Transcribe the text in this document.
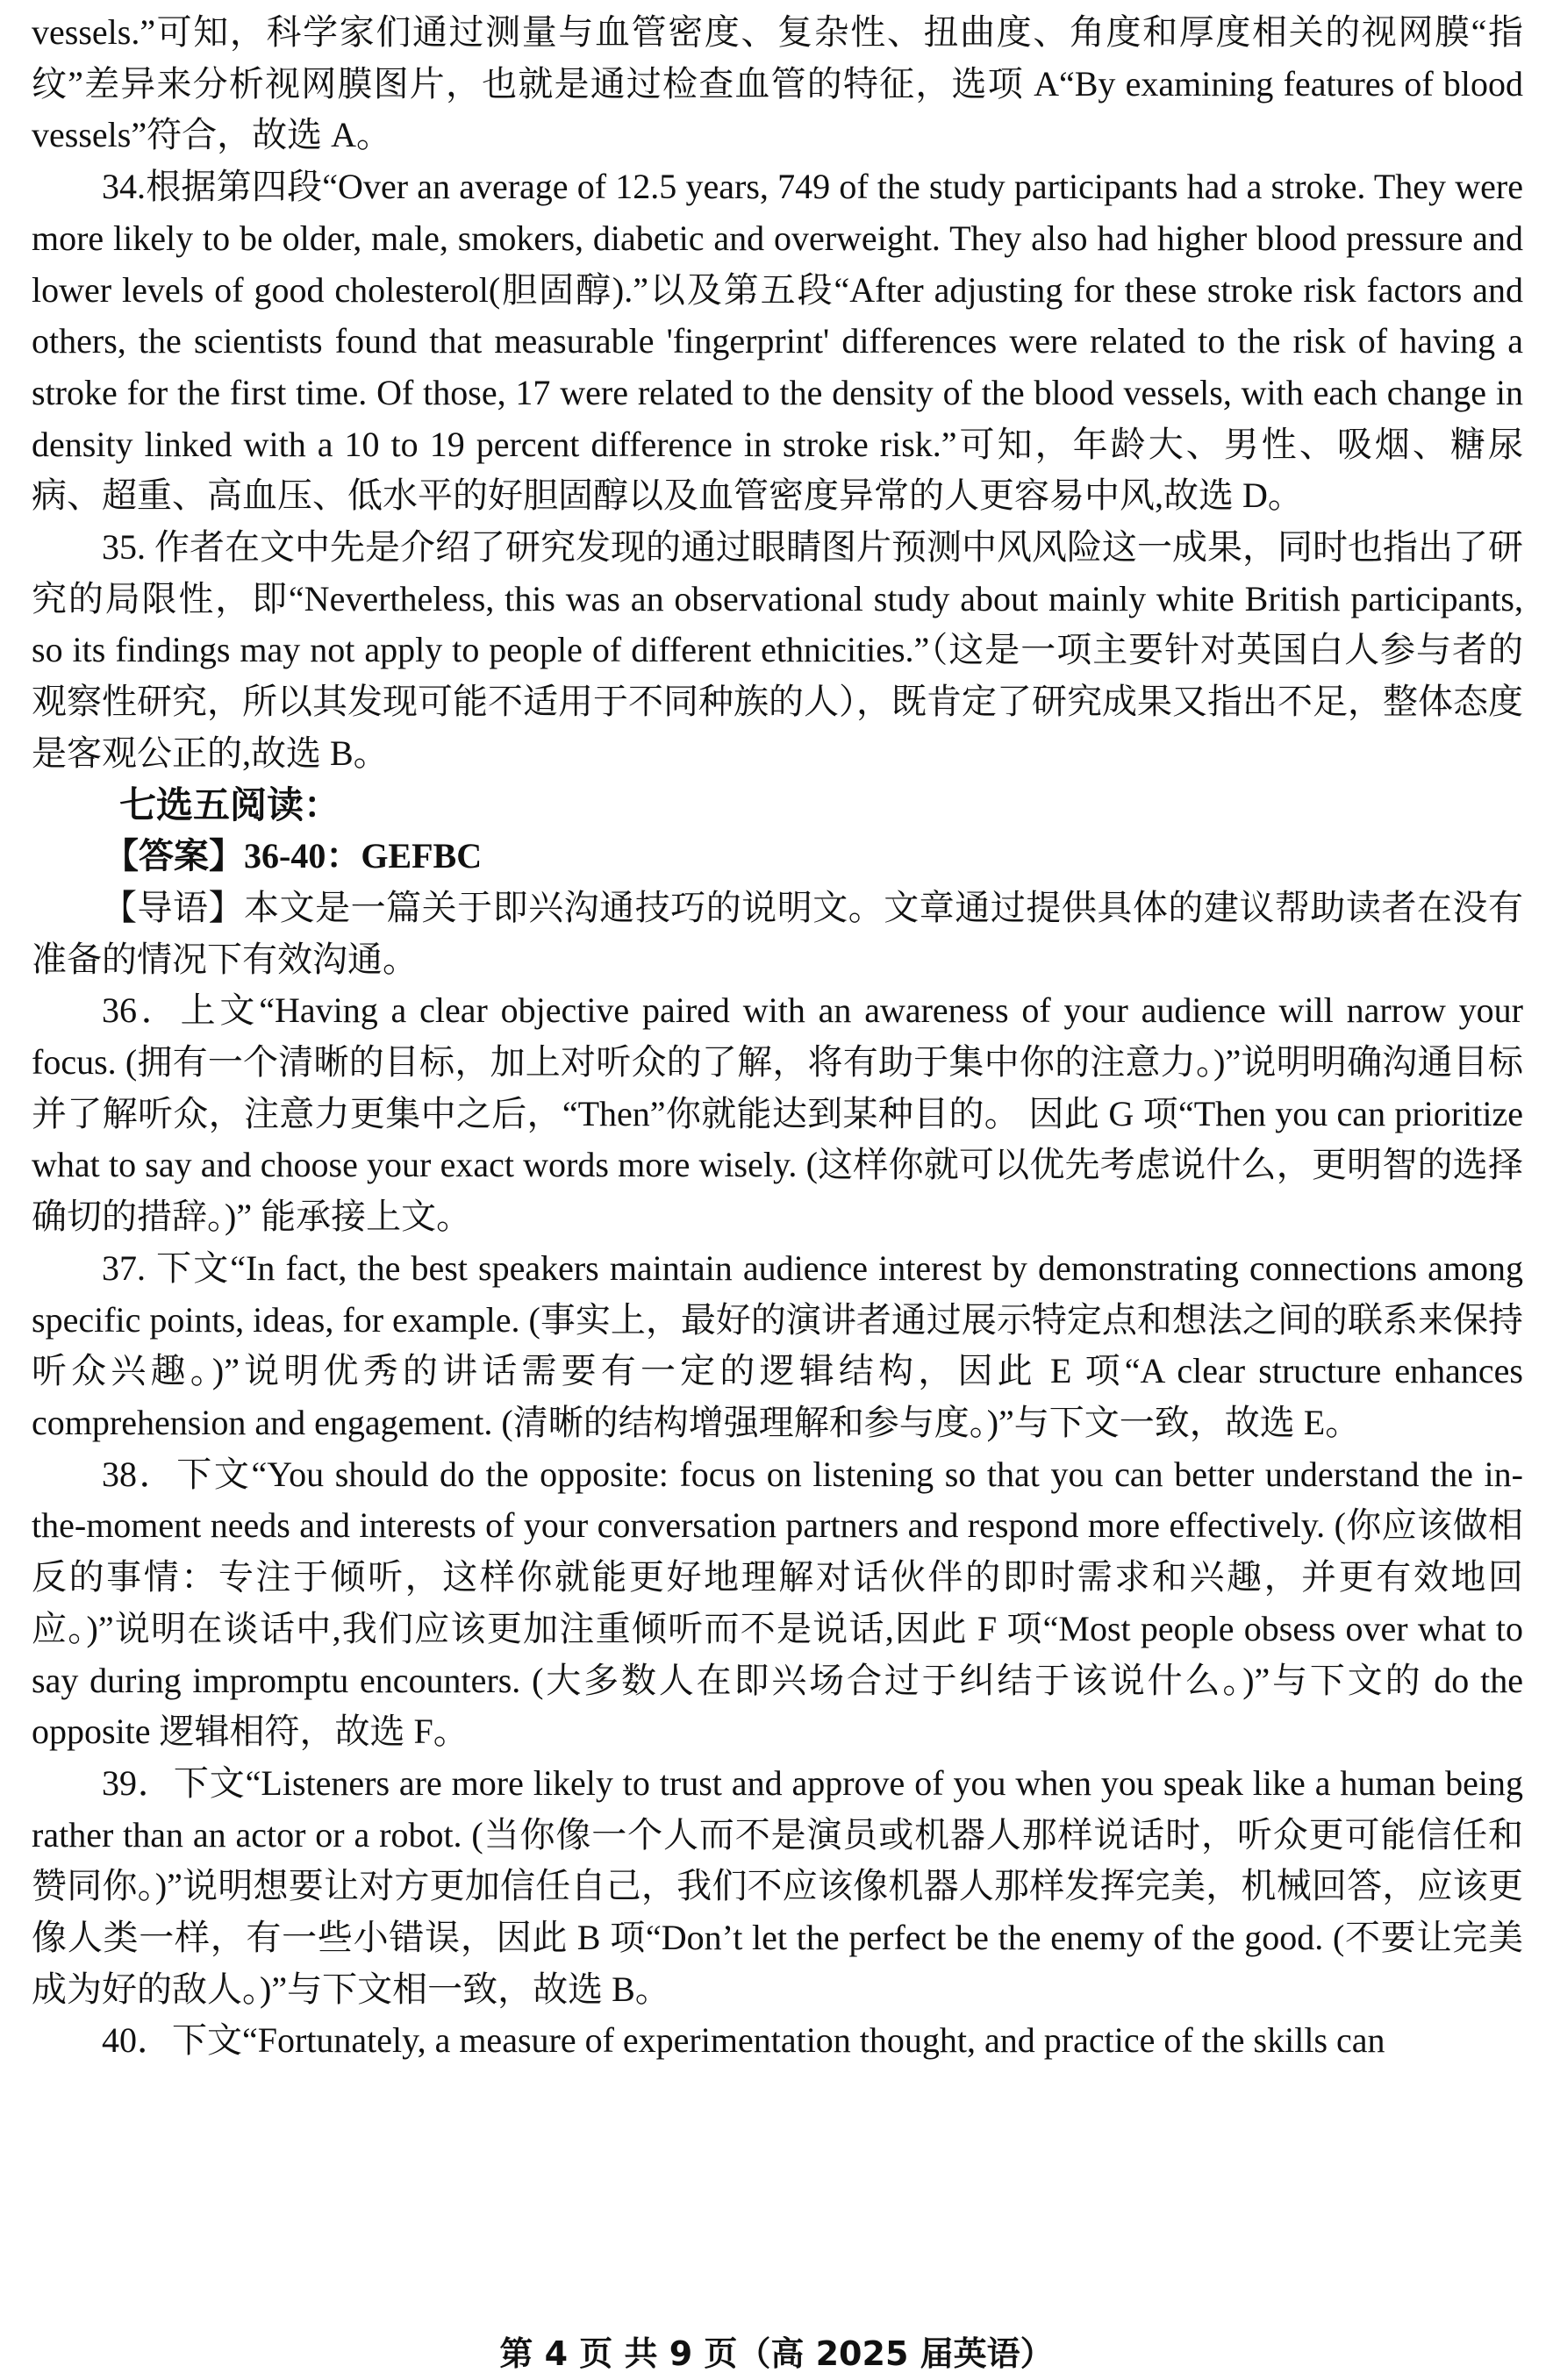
vessels.”可知，科学家们通过测量与血管密度、复杂性、扭曲度、角度和厚度相关的视网膜“指纹”差异来分析视网膜图片，也就是通过检查血管的特征，选项 A“By examining features of blood vessels”符合，故选 A。

34.根据第四段“Over an average of 12.5 years, 749 of the study participants had a stroke. They were more likely to be older, male, smokers, diabetic and overweight. They also had higher blood pressure and lower levels of good cholesterol(胆固醇).”以及第五段“After adjusting for these stroke risk factors and others, the scientists found that measurable 'fingerprint' differences were related to the risk of having a stroke for the first time. Of those, 17 were related to the density of the blood vessels, with each change in density linked with a 10 to 19 percent difference in stroke risk.”可知，年龄大、男性、吸烟、糖尿病、超重、高血压、低水平的好胆固醇以及血管密度异常的人更容易中风,故选 D。

35. 作者在文中先是介绍了研究发现的通过眼睛图片预测中风风险这一成果，同时也指出了研究的局限性，即“Nevertheless, this was an observational study about mainly white British participants, so its findings may not apply to people of different ethnicities.”（这是一项主要针对英国白人参与者的观察性研究，所以其发现可能不适用于不同种族的人），既肯定了研究成果又指出不足，整体态度是客观公正的,故选 B。

七选五阅读：

【答案】36-40：GEFBC

【导语】本文是一篇关于即兴沟通技巧的说明文。文章通过提供具体的建议帮助读者在没有准备的情况下有效沟通。

36．上文“Having a clear objective paired with an awareness of your audience will narrow your focus. (拥有一个清晰的目标，加上对听众的了解，将有助于集中你的注意力。)”说明明确沟通目标并了解听众，注意力更集中之后，“Then”你就能达到某种目的。 因此 G 项“Then you can prioritize what to say and choose your exact words more wisely. (这样你就可以优先考虑说什么，更明智的选择确切的措辞。)” 能承接上文。

37. 下文“In fact, the best speakers maintain audience interest by demonstrating connections among specific points, ideas, for example. (事实上，最好的演讲者通过展示特定点和想法之间的联系来保持听众兴趣。)”说明优秀的讲话需要有一定的逻辑结构，因此 E 项“A clear structure enhances comprehension and engagement. (清晰的结构增强理解和参与度。)”与下文一致，故选 E。

38．下文“You should do the opposite: focus on listening so that you can better understand the in-the-moment needs and interests of your conversation partners and respond more effectively. (你应该做相反的事情：专注于倾听，这样你就能更好地理解对话伙伴的即时需求和兴趣，并更有效地回应。)”说明在谈话中,我们应该更加注重倾听而不是说话,因此 F 项“Most people obsess over what to say during impromptu encounters. (大多数人在即兴场合过于纠结于该说什么。)”与下文的 do the opposite 逻辑相符，故选 F。

39．下文“Listeners are more likely to trust and approve of you when you speak like a human being rather than an actor or a robot. (当你像一个人而不是演员或机器人那样说话时，听众更可能信任和赞同你。)”说明想要让对方更加信任自己，我们不应该像机器人那样发挥完美，机械回答，应该更像人类一样，有一些小错误，因此 B 项“Don’t let the perfect be the enemy of the good. (不要让完美成为好的敌人。)”与下文相一致，故选 B。

40．下文“Fortunately, a measure of experimentation thought, and practice of the skills can

第 4 页 共 9 页（高 2025 届英语）
